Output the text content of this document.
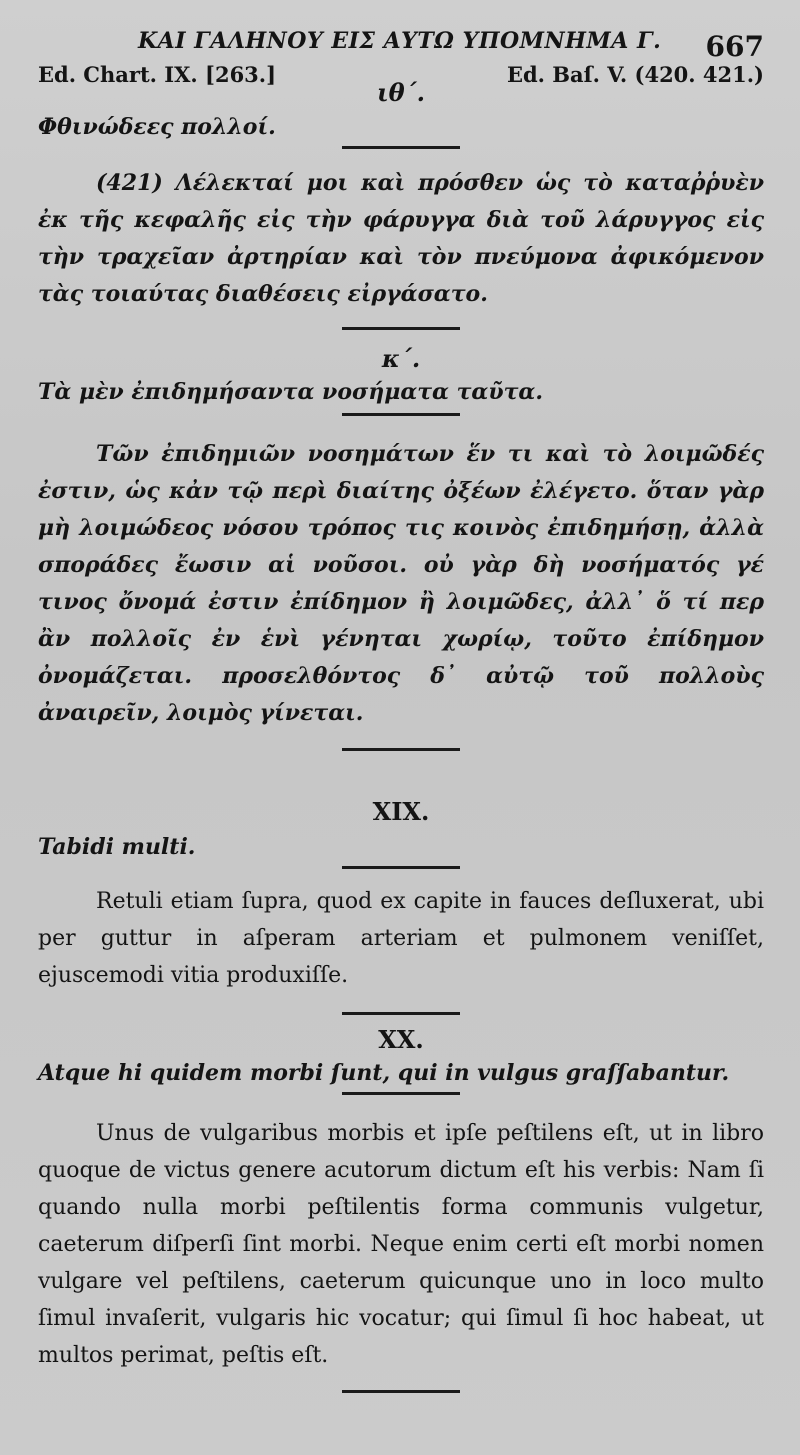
ΚΑΙ ΓΑΛΗΝΟΥ ΕΙΣ ΑΥΤΩ ΥΠΟΜΝΗΜΑ Γ. 667
Ed. Chart. IX. [263.]	Ed. Baſ. V. (420. 421.)
ιθ΄.

Φθινώδεες πολλοί.

(421) Λέλεκταί μοι καὶ πρόσθεν ὡς τὸ καταῤῥυὲν ἐκ τῆς κεφαλῆς εἰς τὴν φάρυγγα διὰ τοῦ λάρυγγος εἰς τὴν τραχεῖαν ἀρτηρίαν καὶ τὸν πνεύμονα ἀφικόμενον τὰς τοιαύτας διαθέσεις εἰργάσατο.

κ΄.

Τὰ μὲν ἐπιδημήσαντα νοσήματα ταῦτα.

Τῶν ἐπιδημιῶν νοσημάτων ἕν τι καὶ τὸ λοιμῶδές ἐστιν, ὡς κἀν τῷ περὶ διαίτης ὀξέων ἐλέγετο. ὅταν γὰρ μὴ λοιμώδεος νόσου τρόπος τις κοινὸς ἐπιδημήσῃ, ἀλλὰ σποράδες ἔωσιν αἱ νοῦσοι. οὐ γὰρ δὴ νοσήματός γέ τινος ὄνομά ἐστιν ἐπίδημον ἢ λοιμῶδες, ἀλλ᾽ ὅ τί περ ἂν πολλοῖς ἐν ἑνὶ γένηται χωρίῳ, τοῦτο ἐπίδημον ὀνομάζεται. προσελθόντος δ᾽ αὐτῷ τοῦ πολλοὺς ἀναιρεῖν, λοιμὸς γίνεται.

XIX.

Tabidi multi.

Retuli etiam ſupra, quod ex capite in fauces deſluxerat, ubi per guttur in aſperam arteriam et pulmonem veniſſet, ejuscemodi vitia produxiſſe.

XX.

Atque hi quidem morbi ſunt, qui in vulgus graſſabantur.

Unus de vulgaribus morbis et ipſe peſtilens eſt, ut in libro quoque de victus genere acutorum dictum eſt his verbis: Nam ſi quando nulla morbi peſtilentis forma communis vulgetur, caeterum diſperſi ſint morbi. Neque enim certi eſt morbi nomen vulgare vel peſtilens, caeterum quicunque uno in loco multo ſimul invaſerit, vulgaris hic vocatur; qui ſimul ſi hoc habeat, ut multos perimat, peſtis eſt.
